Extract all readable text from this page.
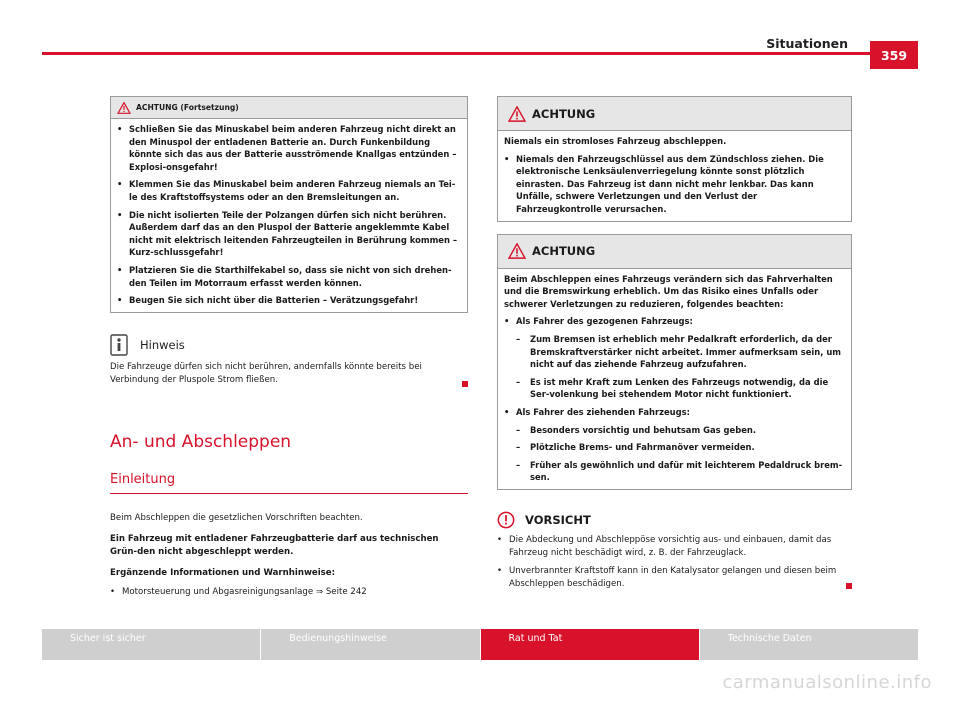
Situationen
359
ACHTUNG (Fortsetzung)

• Schließen Sie das Minuskabel beim anderen Fahrzeug nicht direkt an den Minuspol der entladenen Batterie an. Durch Funkenbildung könnte sich das aus der Batterie ausströmende Knallgas entzünden – Explosi-onsgefahr!

• Klemmen Sie das Minuskabel beim anderen Fahrzeug niemals an Tei-le des Kraftstoffsystems oder an den Bremsleitungen an.

• Die nicht isolierten Teile der Polzangen dürfen sich nicht berühren. Außerdem darf das an den Pluspol der Batterie angeklemmte Kabel nicht mit elektrisch leitenden Fahrzeugteilen in Berührung kommen – Kurz-schlussgefahr!

• Platzieren Sie die Starthilfekabel so, dass sie nicht von sich drehen-den Teilen im Motorraum erfasst werden können.

• Beugen Sie sich nicht über die Batterien – Verätzungsgefahr!

Hinweis
Die Fahrzeuge dürfen sich nicht berühren, andernfalls könnte bereits bei Verbindung der Pluspole Strom fließen.
An- und Abschleppen
Einleitung

Beim Abschleppen die gesetzlichen Vorschriften beachten.

Ein Fahrzeug mit entladener Fahrzeugbatterie darf aus technischen Grün-den nicht abgeschleppt werden.

Ergänzende Informationen und Warnhinweise:

• Motorsteuerung und Abgasreinigungsanlage ⇒ Seite 242

ACHTUNG

Niemals ein stromloses Fahrzeug abschleppen.

• Niemals den Fahrzeugschlüssel aus dem Zündschloss ziehen. Die elektronische Lenksäulenverriegelung könnte sonst plötzlich einrasten. Das Fahrzeug ist dann nicht mehr lenkbar. Das kann Unfälle, schwere Verletzungen und den Verlust der Fahrzeugkontrolle verursachen.

ACHTUNG

Beim Abschleppen eines Fahrzeugs verändern sich das Fahrverhalten und die Bremswirkung erheblich. Um das Risiko eines Unfalls oder schwerer Verletzungen zu reduzieren, folgendes beachten:

• Als Fahrer des gezogenen Fahrzeugs:

– Zum Bremsen ist erheblich mehr Pedalkraft erforderlich, da der Bremskraftverstärker nicht arbeitet. Immer aufmerksam sein, um nicht auf das ziehende Fahrzeug aufzufahren.

– Es ist mehr Kraft zum Lenken des Fahrzeugs notwendig, da die Ser-volenkung bei stehendem Motor nicht funktioniert.

• Als Fahrer des ziehenden Fahrzeugs:

– Besonders vorsichtig und behutsam Gas geben.

– Plötzliche Brems- und Fahrmanöver vermeiden.

– Früher als gewöhnlich und dafür mit leichterem Pedaldruck brem-sen.

VORSICHT

• Die Abdeckung und Abschleppöse vorsichtig aus- und einbauen, damit das Fahrzeug nicht beschädigt wird, z. B. der Fahrzeuglack.

• Unverbrannter Kraftstoff kann in den Katalysator gelangen und diesen beim Abschleppen beschädigen.

Sicher ist sicher	Bedienungshinweise	Rat und Tat	Technische Daten
carmanualsonline.info
